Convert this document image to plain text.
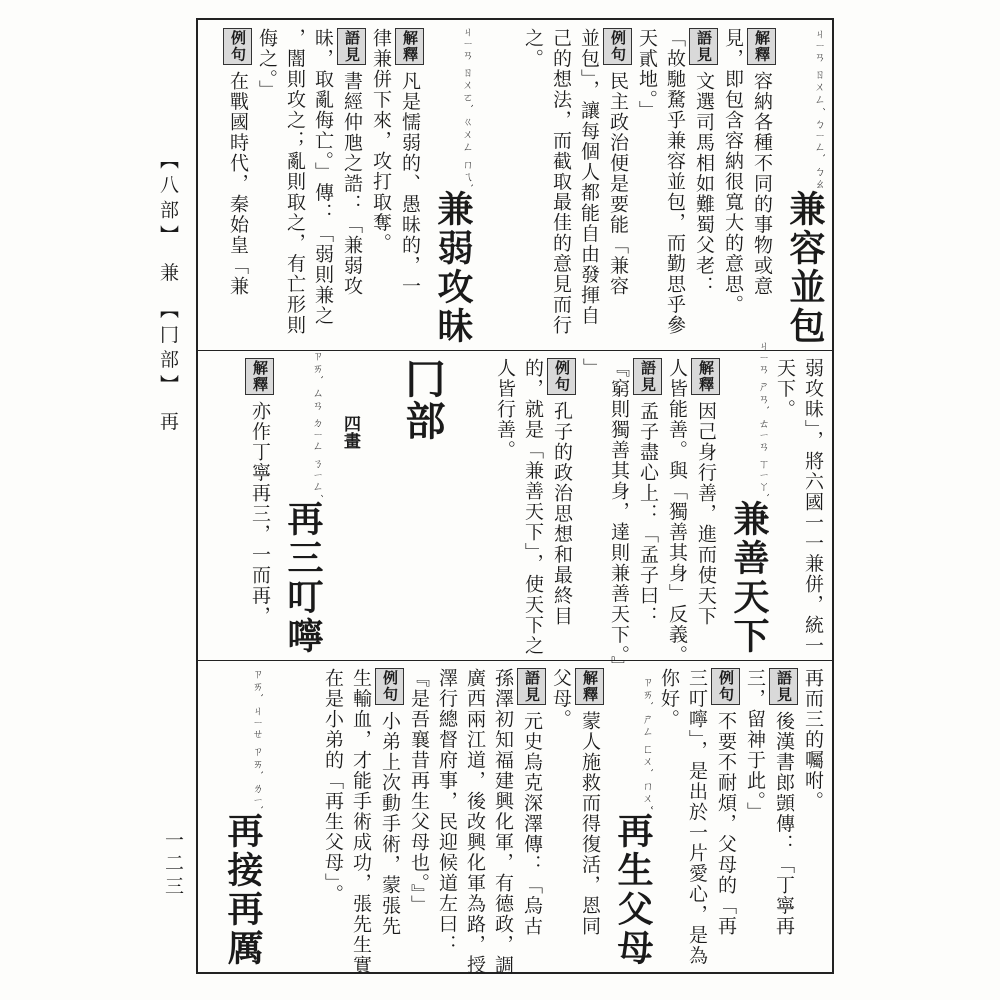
【八部】 兼 【冂部】 再
一二三
兼容並包
ㄐㄧㄢ ㄖㄨㄥˊ ㄅㄧㄥˋ ㄅㄠ
解釋容納各種不同的事物或意
見，即包含容納很寬大的意思。
語見文選司馬相如難蜀父老：
「故馳騖乎兼容並包，而勤思乎參
天貳地。」
例句民主政治便是要能「兼容
並包」，讓每個人都能自由發揮自
己的想法，而截取最佳的意見而行
之。
兼弱攻昧
ㄐㄧㄢ ㄖㄨㄛˋ ㄍㄨㄥ ㄇㄟˋ
解釋凡是懦弱的、愚昧的，一
律兼併下來，攻打取奪。
語見書經仲虺之誥：「兼弱攻
昧，取亂侮亡。」傳：「弱則兼之
，闇則攻之；亂則取之，有亡形則
侮之。」
例句在戰國時代，秦始皇「兼
弱攻昧」，將六國一一兼併，統一
天下。
兼善天下
ㄐㄧㄢ ㄕㄢˋ ㄊㄧㄢ ㄒㄧㄚˋ
解釋因己身行善，進而使天下
人皆能善。與「獨善其身」反義。
語見孟子盡心上：「孟子曰：
『窮則獨善其身，達則兼善天下。』
」
例句孔子的政治思想和最終目
的，就是「兼善天下」，使天下之
人皆行善。
冂部
四畫
再三叮嚀
ㄗㄞˋ ㄙㄢ ㄉㄧㄥ ㄋㄧㄥˊ
解釋亦作丁寧再三，一而再，
再而三的囑咐。
語見後漢書郎顗傳：「丁寧再
三，留神于此。」
例句不要不耐煩，父母的「再
三叮嚀」，是出於一片愛心，是為
你好。
再生父母
ㄗㄞˋ ㄕㄥ ㄈㄨˋ ㄇㄨˇ
解釋蒙人施救而得復活，恩同
父母。
語見元史烏克深澤傳：「烏古
孫澤初知福建興化軍，有德政，調
廣西兩江道，後改興化軍為路，授
澤行總督府事，民迎候道左曰：
『是吾襄昔再生父母也。』」
例句小弟上次動手術，蒙張先
生輸血，才能手術成功，張先生實
在是小弟的「再生父母」。
再接再厲
ㄗㄞˋ ㄐㄧㄝ ㄗㄞˋ ㄌㄧˋ
